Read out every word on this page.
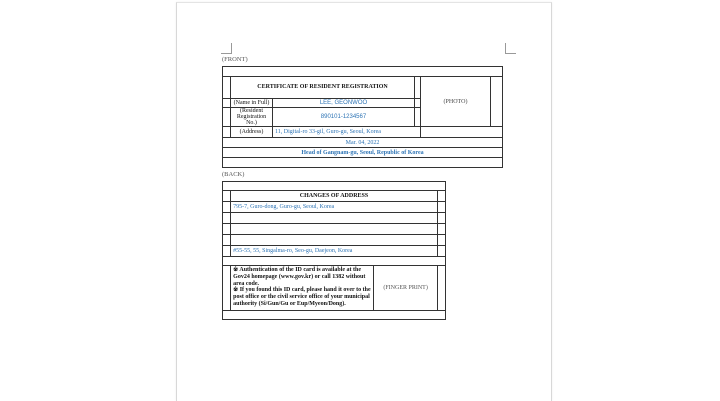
(FRONT)

	CERTIFICATE OF RESIDENT REGISTRATION			(PHOTO)	
	(Name in Full)	LEE, GEONWOO			
	(Resident Registration No.)	890101-1234567			
	(Address)	11, Digital-ro 33-gil, Guro-gu, Seoul, Korea			
Mar. 04, 2022					
Head of Gangnam-gu, Seoul, Republic of Korea					

(BACK)

	CHANGES OF ADDRESS		
	795-7, Guro-dong, Guro-gu, Seoul, Korea		

	#55-55, 55, Singalma-ro, Seo-gu, Daejeon, Korea		

	※ Authentication of the ID card is available at the Gov24 homepage (www.gov.kr) or call 1382 without area code.
※ If you found this ID card, please hand it over to the post office or the civil service office of your municipal authority (Si/Gun/Gu or Eup/Myeon/Dong).	(FINGER PRINT)	
